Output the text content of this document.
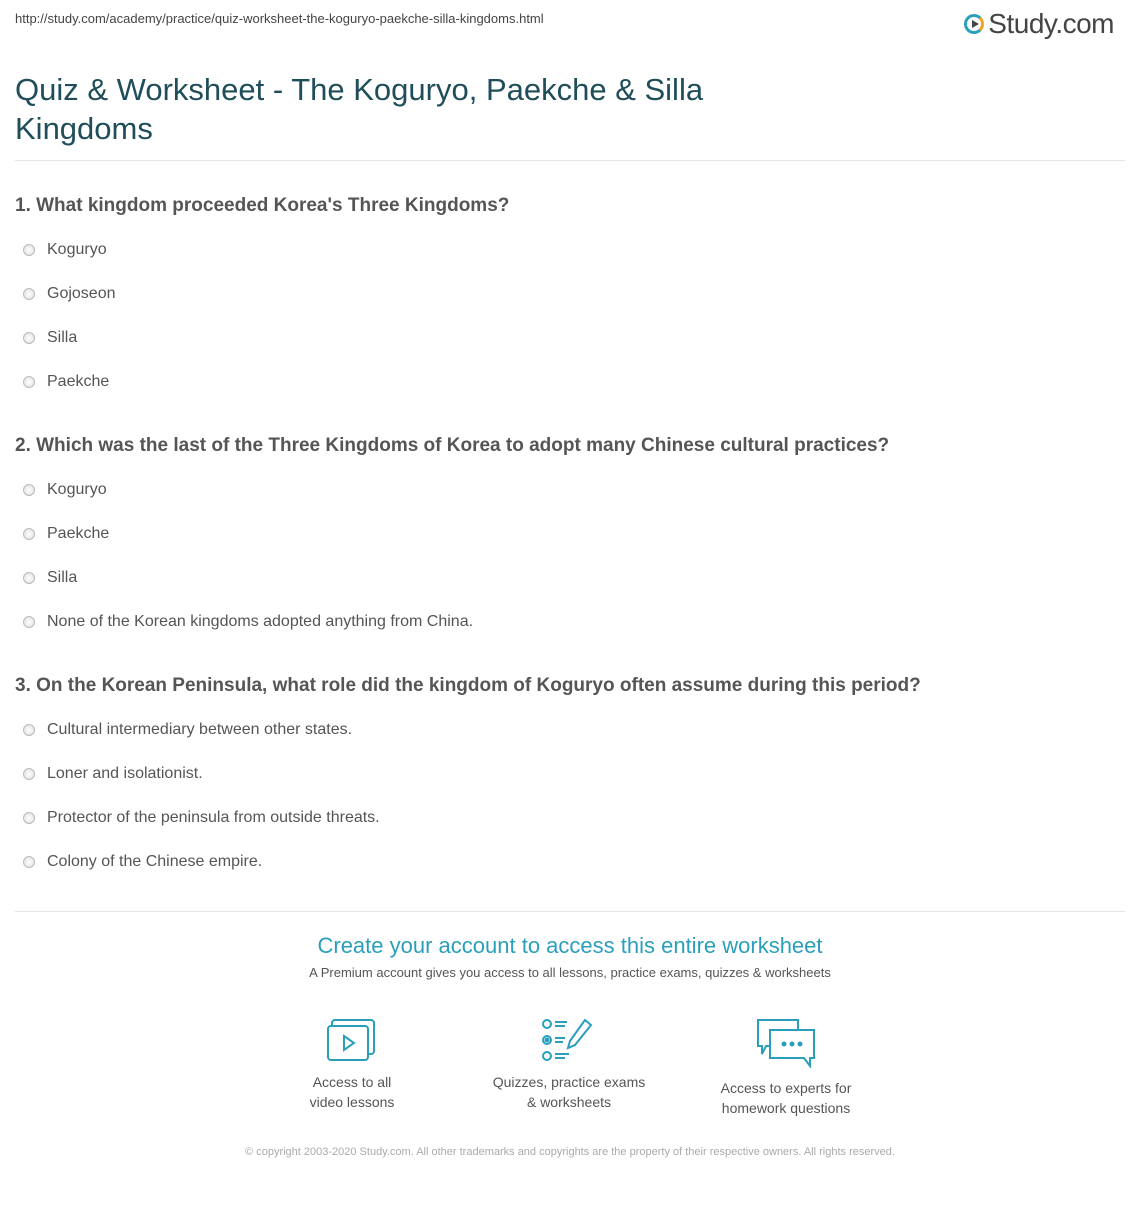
http://study.com/academy/practice/quiz-worksheet-the-koguryo-paekche-silla-kingdoms.html	Study.com
Quiz & Worksheet - The Koguryo, Paekche & Silla Kingdoms
1. What kingdom proceeded Korea's Three Kingdoms?
Koguryo
Gojoseon
Silla
Paekche
2. Which was the last of the Three Kingdoms of Korea to adopt many Chinese cultural practices?
Koguryo
Paekche
Silla
None of the Korean kingdoms adopted anything from China.
3. On the Korean Peninsula, what role did the kingdom of Koguryo often assume during this period?
Cultural intermediary between other states.
Loner and isolationist.
Protector of the peninsula from outside threats.
Colony of the Chinese empire.
Create your account to access this entire worksheet
A Premium account gives you access to all lessons, practice exams, quizzes & worksheets
Access to all
video lessons
Quizzes, practice exams
& worksheets
Access to experts for
homework questions
© copyright 2003-2020 Study.com. All other trademarks and copyrights are the property of their respective owners. All rights reserved.
